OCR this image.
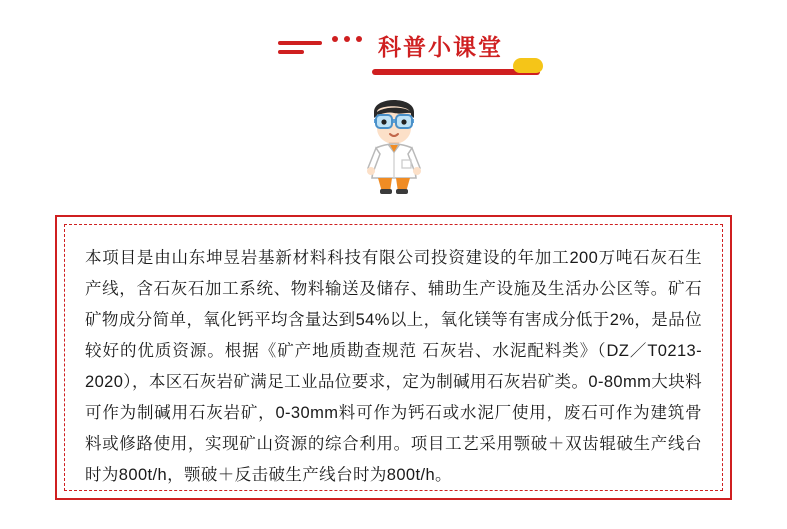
科普小课堂

本项目是由山东坤昱岩基新材料科技有限公司投资建设的年加工200万吨石灰石生产线，含石灰石加工系统、物料输送及储存、辅助生产设施及生活办公区等。矿石矿物成分简单，氧化钙平均含量达到54%以上，氧化镁等有害成分低于2%，是品位较好的优质资源。根据《矿产地质勘查规范 石灰岩、水泥配料类》（DZ／T0213-2020），本区石灰岩矿满足工业品位要求，定为制碱用石灰岩矿类。0-80mm大块料可作为制碱用石灰岩矿，0-30mm料可作为钙石或水泥厂使用，废石可作为建筑骨料或修路使用，实现矿山资源的综合利用。项目工艺采用颚破＋双齿辊破生产线台时为800t/h，颚破＋反击破生产线台时为800t/h。
